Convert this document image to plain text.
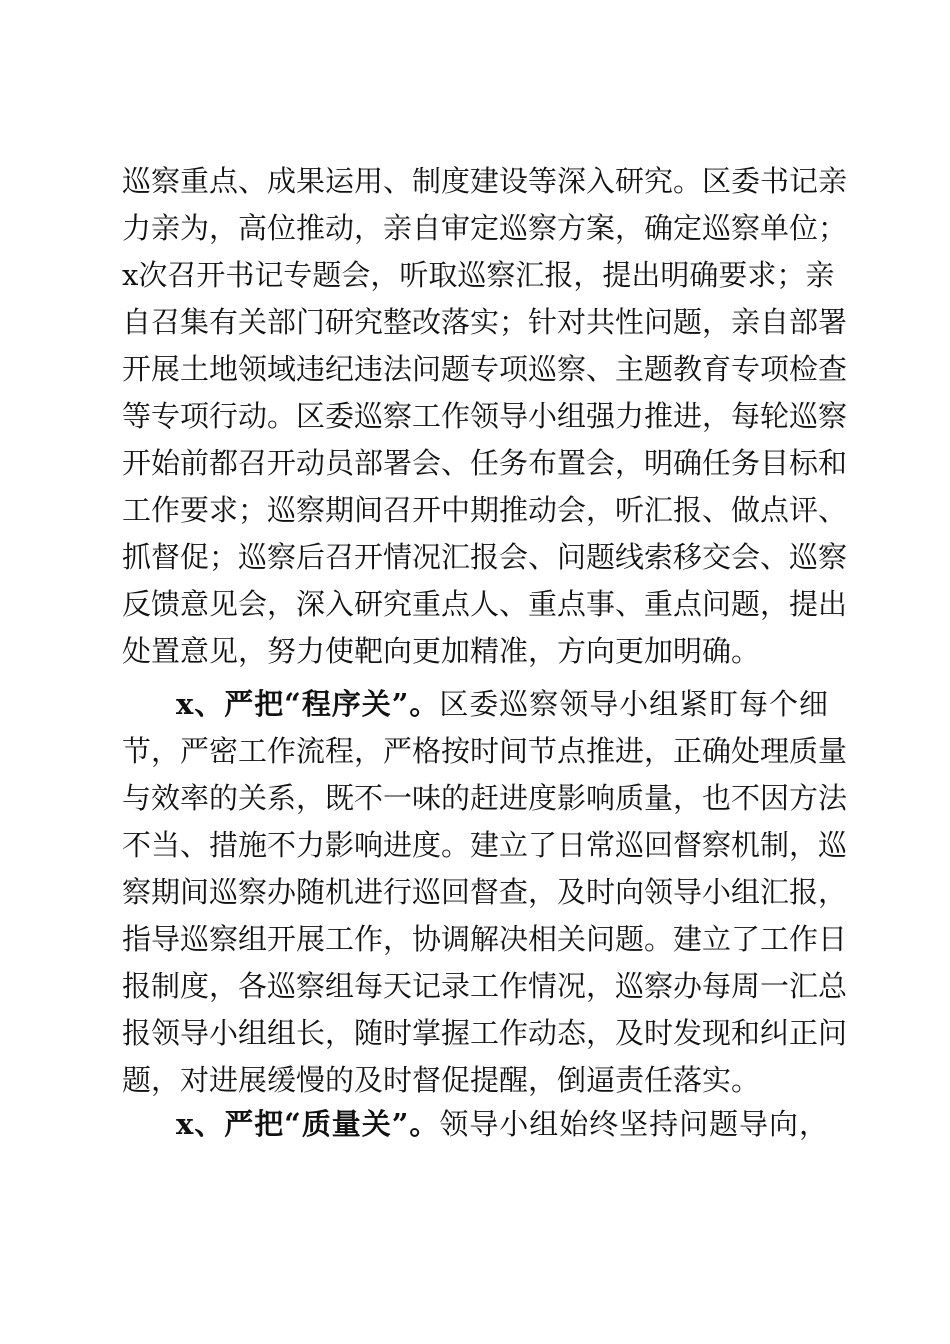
巡察重点、成果运用、制度建设等深入研究。区委书记亲
力亲为，高位推动，亲自审定巡察方案，确定巡察单位；
x次召开书记专题会，听取巡察汇报，提出明确要求；亲
自召集有关部门研究整改落实；针对共性问题，亲自部署
开展土地领域违纪违法问题专项巡察、主题教育专项检查
等专项行动。区委巡察工作领导小组强力推进，每轮巡察
开始前都召开动员部署会、任务布置会，明确任务目标和
工作要求；巡察期间召开中期推动会，听汇报、做点评、
抓督促；巡察后召开情况汇报会、问题线索移交会、巡察
反馈意见会，深入研究重点人、重点事、重点问题，提出
处置意见，努力使靶向更加精准，方向更加明确。
x、严把“程序关”。区委巡察领导小组紧盯每个细
节，严密工作流程，严格按时间节点推进，正确处理质量
与效率的关系，既不一味的赶进度影响质量，也不因方法
不当、措施不力影响进度。建立了日常巡回督察机制，巡
察期间巡察办随机进行巡回督查，及时向领导小组汇报，
指导巡察组开展工作，协调解决相关问题。建立了工作日
报制度，各巡察组每天记录工作情况，巡察办每周一汇总
报领导小组组长，随时掌握工作动态，及时发现和纠正问
题，对进展缓慢的及时督促提醒，倒逼责任落实。
x、严把“质量关”。领导小组始终坚持问题导向，
